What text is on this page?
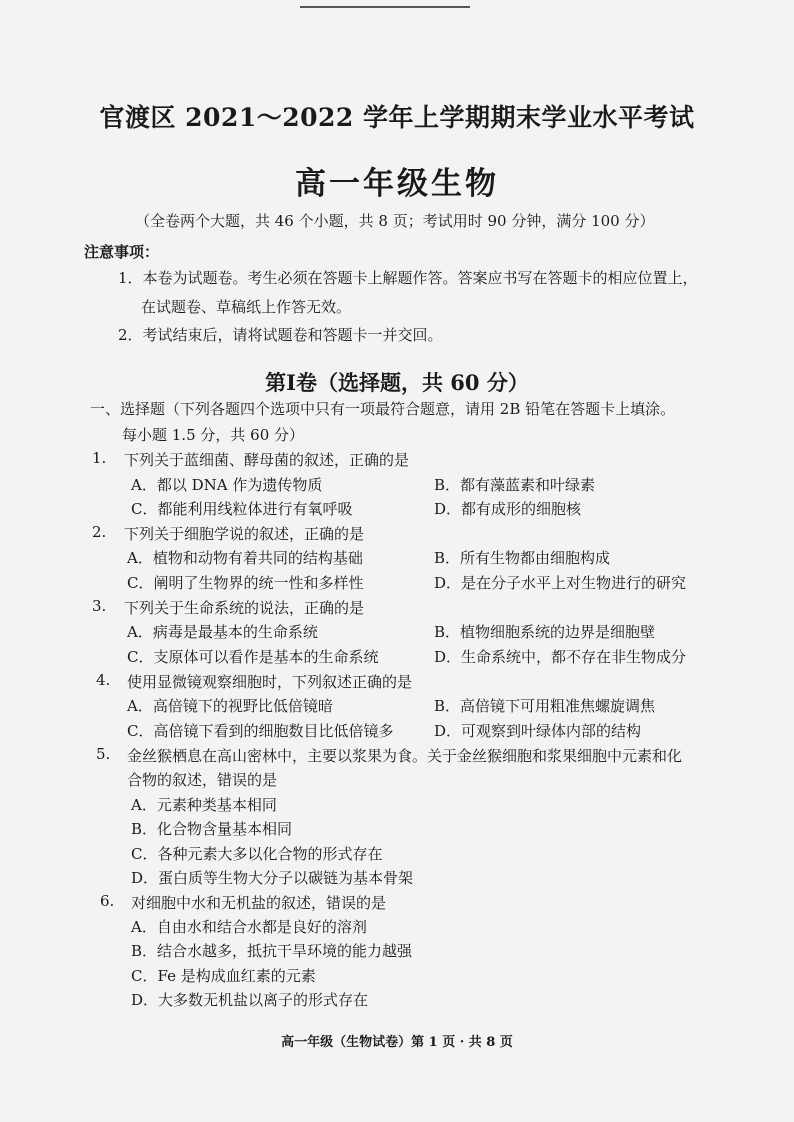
官渡区 2021～2022 学年上学期期末学业水平考试
高一年级生物
（全卷两个大题，共 46 个小题，共 8 页；考试用时 90 分钟，满分 100 分）
注意事项：
1．本卷为试题卷。考生必须在答题卡上解题作答。答案应书写在答题卡的相应位置上，
在试题卷、草稿纸上作答无效。
2．考试结束后，请将试题卷和答题卡一并交回。
第Ⅰ卷（选择题，共 60 分）
一、选择题（下列各题四个选项中只有一项最符合题意，请用 2B 铅笔在答题卡上填涂。
每小题 1.5 分，共 60 分）
1. 下列关于蓝细菌、酵母菌的叙述，正确的是
A．都以 DNA 作为遗传物质	B．都有藻蓝素和叶绿素
C．都能利用线粒体进行有氧呼吸	D．都有成形的细胞核
2. 下列关于细胞学说的叙述，正确的是
A．植物和动物有着共同的结构基础	B．所有生物都由细胞构成
C．阐明了生物界的统一性和多样性	D．是在分子水平上对生物进行的研究
3. 下列关于生命系统的说法，正确的是
A．病毒是最基本的生命系统	B．植物细胞系统的边界是细胞壁
C．支原体可以看作是基本的生命系统	D．生命系统中，都不存在非生物成分
4. 使用显微镜观察细胞时，下列叙述正确的是
A．高倍镜下的视野比低倍镜暗	B．高倍镜下可用粗准焦螺旋调焦
C．高倍镜下看到的细胞数目比低倍镜多	D．可观察到叶绿体内部的结构
5. 金丝猴栖息在高山密林中，主要以浆果为食。关于金丝猴细胞和浆果细胞中元素和化
合物的叙述，错误的是
A．元素种类基本相同
B．化合物含量基本相同
C．各种元素大多以化合物的形式存在
D．蛋白质等生物大分子以碳链为基本骨架
6. 对细胞中水和无机盐的叙述，错误的是
A．自由水和结合水都是良好的溶剂
B．结合水越多，抵抗干旱环境的能力越强
C．Fe 是构成血红素的元素
D．大多数无机盐以离子的形式存在
高一年级（生物试卷）第 1 页 · 共 8 页
